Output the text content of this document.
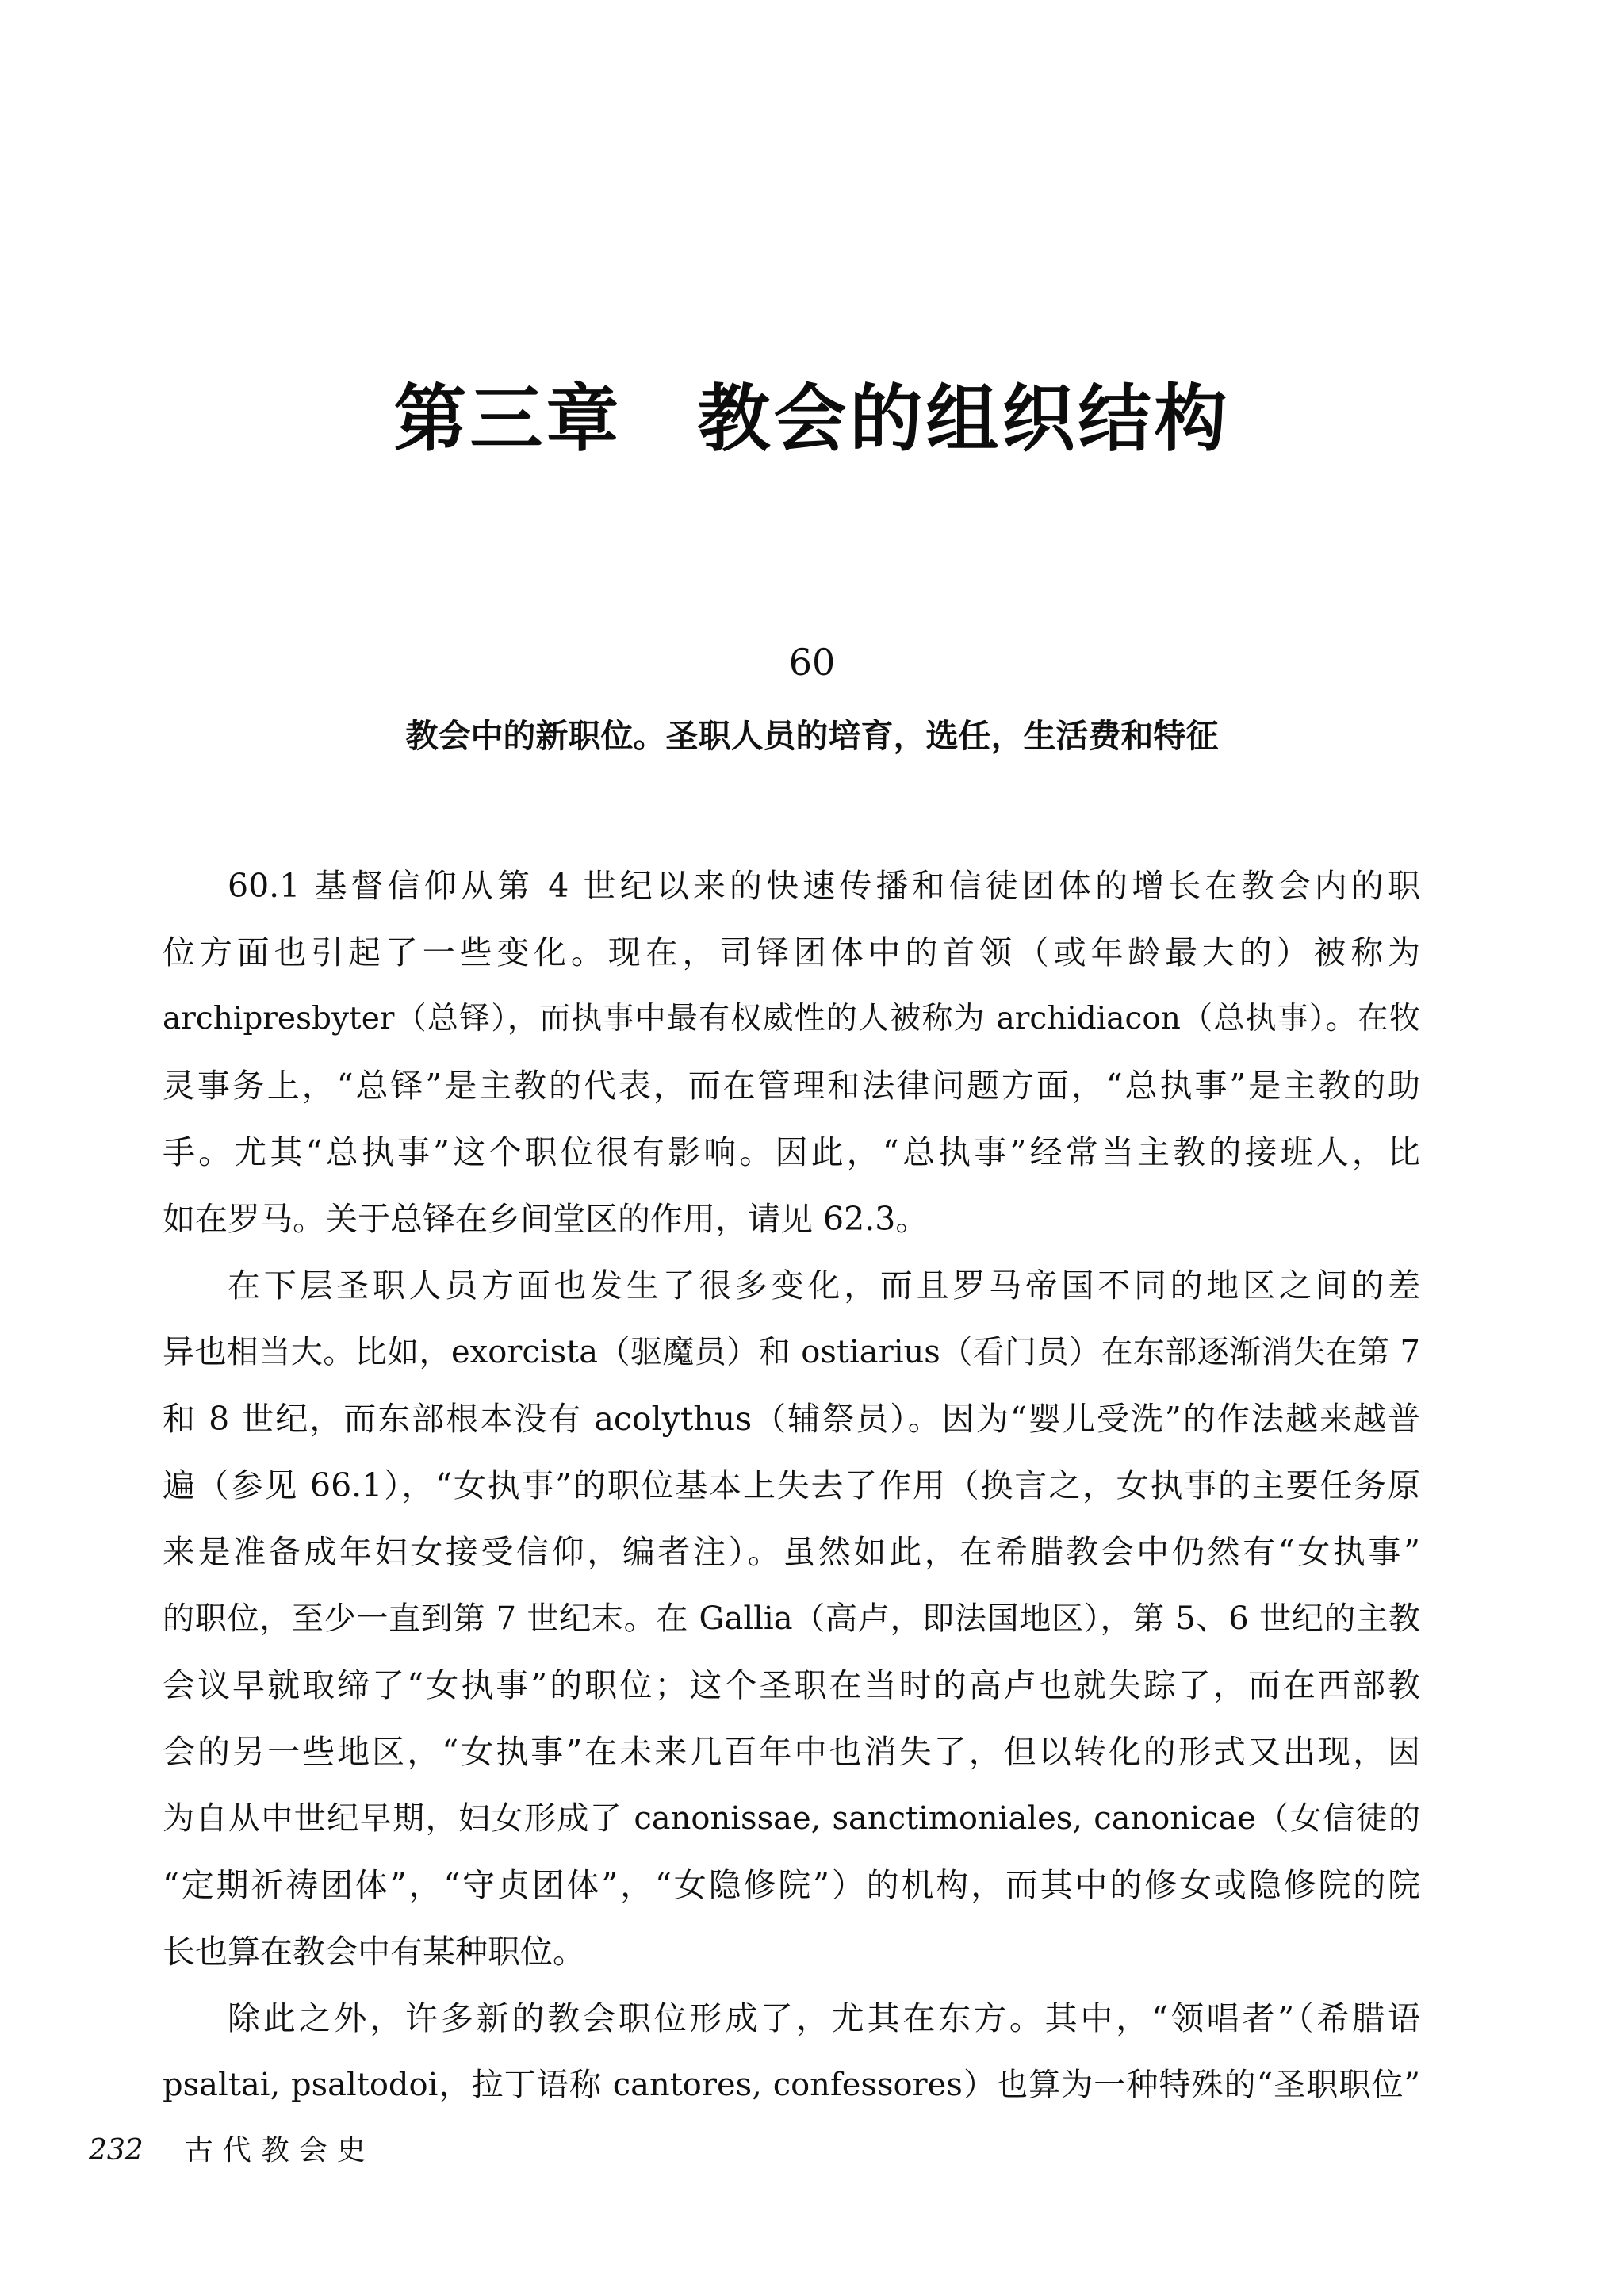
第三章 教会的组织结构
60
教会中的新职位。圣职人员的培育，选任，生活费和特征
60.1 基督信仰从第 4 世纪以来的快速传播和信徒团体的增长在教会内的职
位方面也引起了一些变化。现在，司铎团体中的首领（或年龄最大的）被称为
archipresbyter（总铎），而执事中最有权威性的人被称为 archidiacon（总执事）。在牧
灵事务上，“总铎”是主教的代表，而在管理和法律问题方面，“总执事”是主教的助
手。尤其“总执事”这个职位很有影响。因此，“总执事”经常当主教的接班人，比
如在罗马。关于总铎在乡间堂区的作用，请见 62.3。
在下层圣职人员方面也发生了很多变化，而且罗马帝国不同的地区之间的差
异也相当大。比如，exorcista（驱魔员）和 ostiarius（看门员）在东部逐渐消失在第 7
和 8 世纪，而东部根本没有 acolythus（辅祭员）。因为“婴儿受洗”的作法越来越普
遍（参见 66.1），“女执事”的职位基本上失去了作用（换言之，女执事的主要任务原
来是准备成年妇女接受信仰，编者注）。虽然如此，在希腊教会中仍然有“女执事”
的职位，至少一直到第 7 世纪末。在 Gallia（高卢，即法国地区），第 5、6 世纪的主教
会议早就取缔了“女执事”的职位；这个圣职在当时的高卢也就失踪了，而在西部教
会的另一些地区，“女执事”在未来几百年中也消失了，但以转化的形式又出现，因
为自从中世纪早期，妇女形成了 canonissae, sanctimoniales, canonicae（女信徒的
“定期祈祷团体”，“守贞团体”，“女隐修院”）的机构，而其中的修女或隐修院的院
长也算在教会中有某种职位。
除此之外，许多新的教会职位形成了，尤其在东方。其中，“领唱者”（希腊语
psaltai, psaltodoi，拉丁语称 cantores, confessores）也算为一种特殊的“圣职职位”
232 古代教会史
